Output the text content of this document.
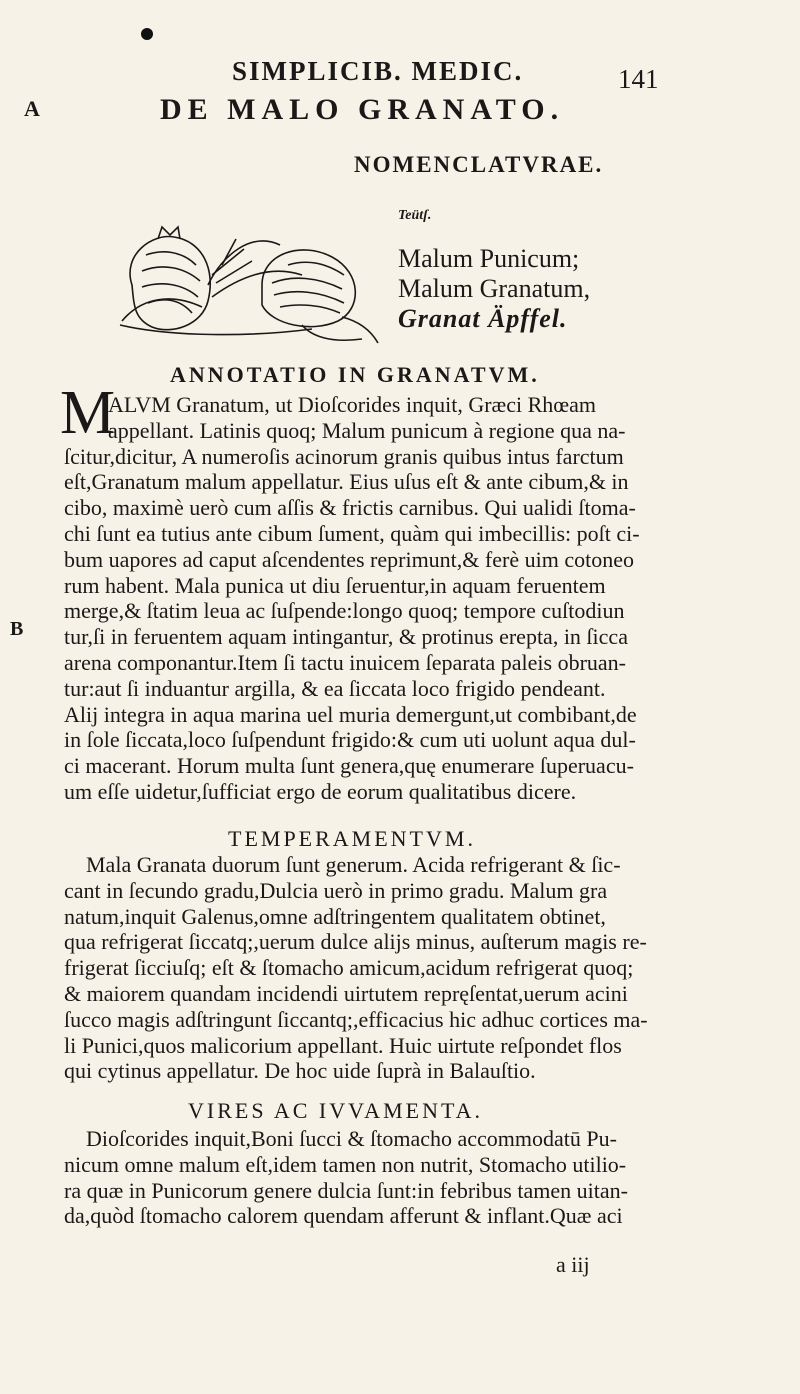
SIMPLICIB. MEDIC.	141
A
B
DE MALO GRANATO.
NOMENCLATVRAE.
Teütſ.
Malum Punicum;
Malum Granatum,
Granat Äpffel.
ANNOTATIO IN GRANATVM.
M
ALVM Granatum, ut Dioſcorides inquit, Græci Rhœam
appellant. Latinis quoq; Malum punicum à regione qua na-
ſcitur,dicitur, A numeroſis acinorum granis quibus intus farctum
eſt,Granatum malum appellatur. Eius uſus eſt & ante cibum,& in
cibo, maximè uerò cum aſſis & frictis carnibus. Qui ualidi ſtoma-
chi ſunt ea tutius ante cibum ſument, quàm qui imbecillis: poſt ci-
bum uapores ad caput aſcendentes reprimunt,& ferè uim cotoneo
rum habent. Mala punica ut diu ſeruentur,in aquam feruentem
merge,& ſtatim leua ac ſuſpende:longo quoq; tempore cuſtodiun
tur,ſi in feruentem aquam intingantur, & protinus erepta, in ſicca
arena componantur.Item ſi tactu inuicem ſeparata paleis obruan-
tur:aut ſi induantur argilla, & ea ſiccata loco frigido pendeant.
Alij integra in aqua marina uel muria demergunt,ut combibant,de
in ſole ſiccata,loco ſuſpendunt frigido:& cum uti uolunt aqua dul-
ci macerant. Horum multa ſunt genera,quę enumerare ſuperuacu-
um eſſe uidetur,ſufficiat ergo de eorum qualitatibus dicere.
TEMPERAMENTVM.
Mala Granata duorum ſunt generum. Acida refrigerant & ſic-
cant in ſecundo gradu,Dulcia uerò in primo gradu. Malum gra
natum,inquit Galenus,omne adſtringentem qualitatem obtinet,
qua refrigerat ſiccatq;,uerum dulce alijs minus, auſterum magis re-
frigerat ſicciuſq; eſt & ſtomacho amicum,acidum refrigerat quoq;
& maiorem quandam incidendi uirtutem repręſentat,uerum acini
ſucco magis adſtringunt ſiccantq;,efficacius hic adhuc cortices ma-
li Punici,quos malicorium appellant. Huic uirtute reſpondet flos
qui cytinus appellatur. De hoc uide ſuprà in Balauſtio.
VIRES AC IVVAMENTA.
Dioſcorides inquit,Boni ſucci & ſtomacho accommodatū Pu-
nicum omne malum eſt,idem tamen non nutrit, Stomacho utilio-
ra quæ in Punicorum genere dulcia ſunt:in febribus tamen uitan-
da,quòd ſtomacho calorem quendam afferunt & inflant.Quæ aci
a iij
